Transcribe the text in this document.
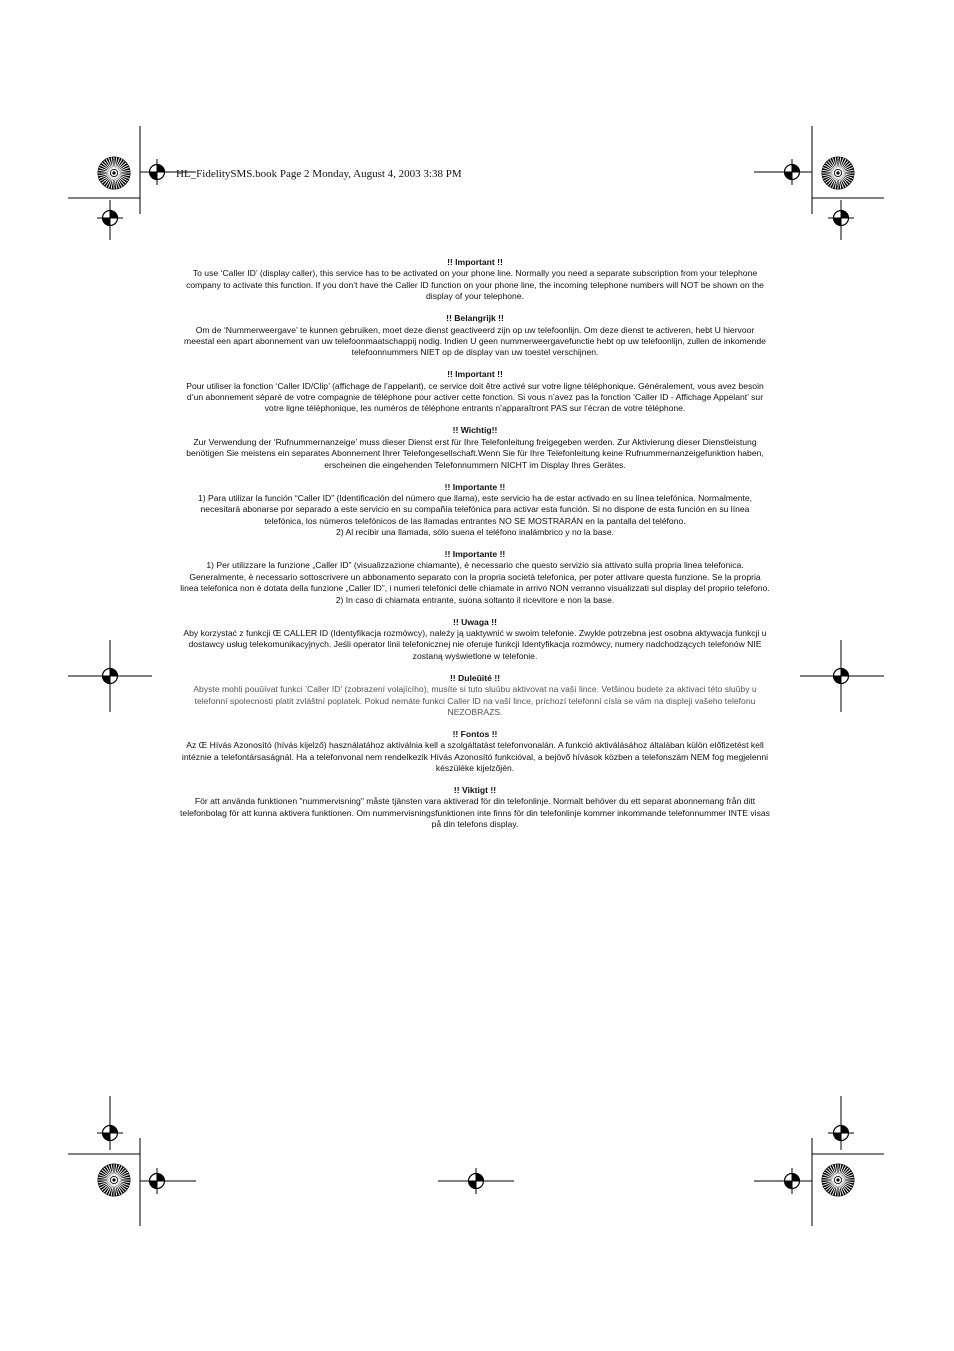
HL_FidelitySMS.book Page 2 Monday, August 4, 2003 3:38 PM
!! Important !!
To use ‘Caller ID’ (display caller), this service has to be activated on your phone line. Normally you need a separate subscription from your telephone company to activate this function. If you don’t have the Caller ID function on your phone line, the incoming telephone numbers will NOT be shown on the display of your telephone.
!! Belangrijk !!
Om de ‘Nummerweergave’ te kunnen gebruiken, moet deze dienst geactiveerd zijn op uw telefoonlijn. Om deze dienst te activeren, hebt U hiervoor meestal een apart abonnement van uw telefoonmaatschappij nodig. Indien U geen nummerweergavefunctie hebt op uw telefoonlijn, zullen de inkomende telefoonnummers NIET op de display van uw toestel verschijnen.
!! Important !!
Pour utiliser la fonction ‘Caller ID/Clip’ (affichage de l’appelant), ce service doit être activé sur votre ligne téléphonique. Généralement, vous avez besoin d’un abonnement séparé de votre compagnie de téléphone pour activer cette fonction. Si vous n’avez pas la fonction ‘Caller ID - Affichage Appelant’ sur votre ligne téléphonique, les numéros de téléphone entrants n’apparaîtront PAS sur l’écran de votre téléphone.
!! Wichtig!!
Zur Verwendung der ‘Rufnummernanzeige’ muss dieser Dienst erst für Ihre Telefonleitung freigegeben werden. Zur Aktivierung dieser Dienstleistung benötigen Sie meistens ein separates Abonnement Ihrer Telefongesellschaft.Wenn Sie für Ihre Telefonleitung keine Rufnummernanzeigefunktion haben, erscheinen die eingehenden Telefonnummern NICHT im Display Ihres Gerätes.
!! Importante !!
1) Para utilizar la función “Caller ID” (Identificación del número que llama), este servicio ha de estar activado en su línea telefónica. Normalmente, necesitará abonarse por separado a este servicio en su compañía telefónica para activar esta función. Si no dispone de esta función en su línea telefónica, los números telefónicos de las llamadas entrantes NO SE MOSTRARÁN en la pantalla del teléfono.
2) Al recibir una llamada, sólo suena el teléfono inalámbrico y no la base.
!! Importante !!
1) Per utilizzare la funzione „Caller ID” (visualizzazione chiamante), è necessario che questo servizio sia attivato sulla propria linea telefonica. Generalmente, è necessario sottoscrivere un abbonamento separato con la propria società telefonica, per poter attivare questa funzione. Se la propria linea telefonica non è dotata della funzione „Caller ID”, i numeri telefonici delle chiamate in arrivo NON verranno visualizzati sul display del proprio telefono.
2) In caso di chiamata entrante, suona soltanto il ricevitore e non la base.
!! Uwaga !!
Aby korzystać z funkcji Œ CALLER ID (Identyfikacja rozmówcy), należy ją uaktywnić w swoim telefonie. Zwykle potrzebna jest osobna aktywacja funkcji u dostawcy usług telekomunikacyjnych. Jeśli operator linii telefonicznej nie oferuje funkcji Identyfikacja rozmówcy, numery nadchodzących telefonów NIE zostaną wyświetlone w telefonie.
!! Duleûité !!
Abyste mohli pouûívat funkci ’Caller ID’ (zobrazení volajícího), musíte si tuto sluûbu aktivovat na vaší lince. Vetšinou budete za aktivaci této sluûby u telefonní spolecnosti platit zvláštní poplatek. Pokud nemáte funkci Caller ID na vaší lince, príchozí telefonní císla se vám na displeji vašeho telefonu NEZOBRAZS.
!! Fontos !!
Az Œ Hívás Azonosító (hívás kijelző) használatához aktiválnia kell a szolgáltatást telefonvonalán. A funkció aktiválásához általában külön előfizetést kell intéznie a telefontársaságnál. Ha a telefonvonal nem rendelkezik Hívás Azonosító funkcióval, a bejövő hívások közben a telefonszám NEM fog megjelenni készüléke kijelzőjén.
!! Viktigt !!
För att använda funktionen "nummervisning" måste tjänsten vara aktiverad för din telefonlinje. Normalt behöver du ett separat abonnemang från ditt telefonbolag för att kunna aktivera funktionen. Om nummervisningsfunktionen inte finns för din telefonlinje kommer inkommande telefonnummer INTE visas på din telefons display.
